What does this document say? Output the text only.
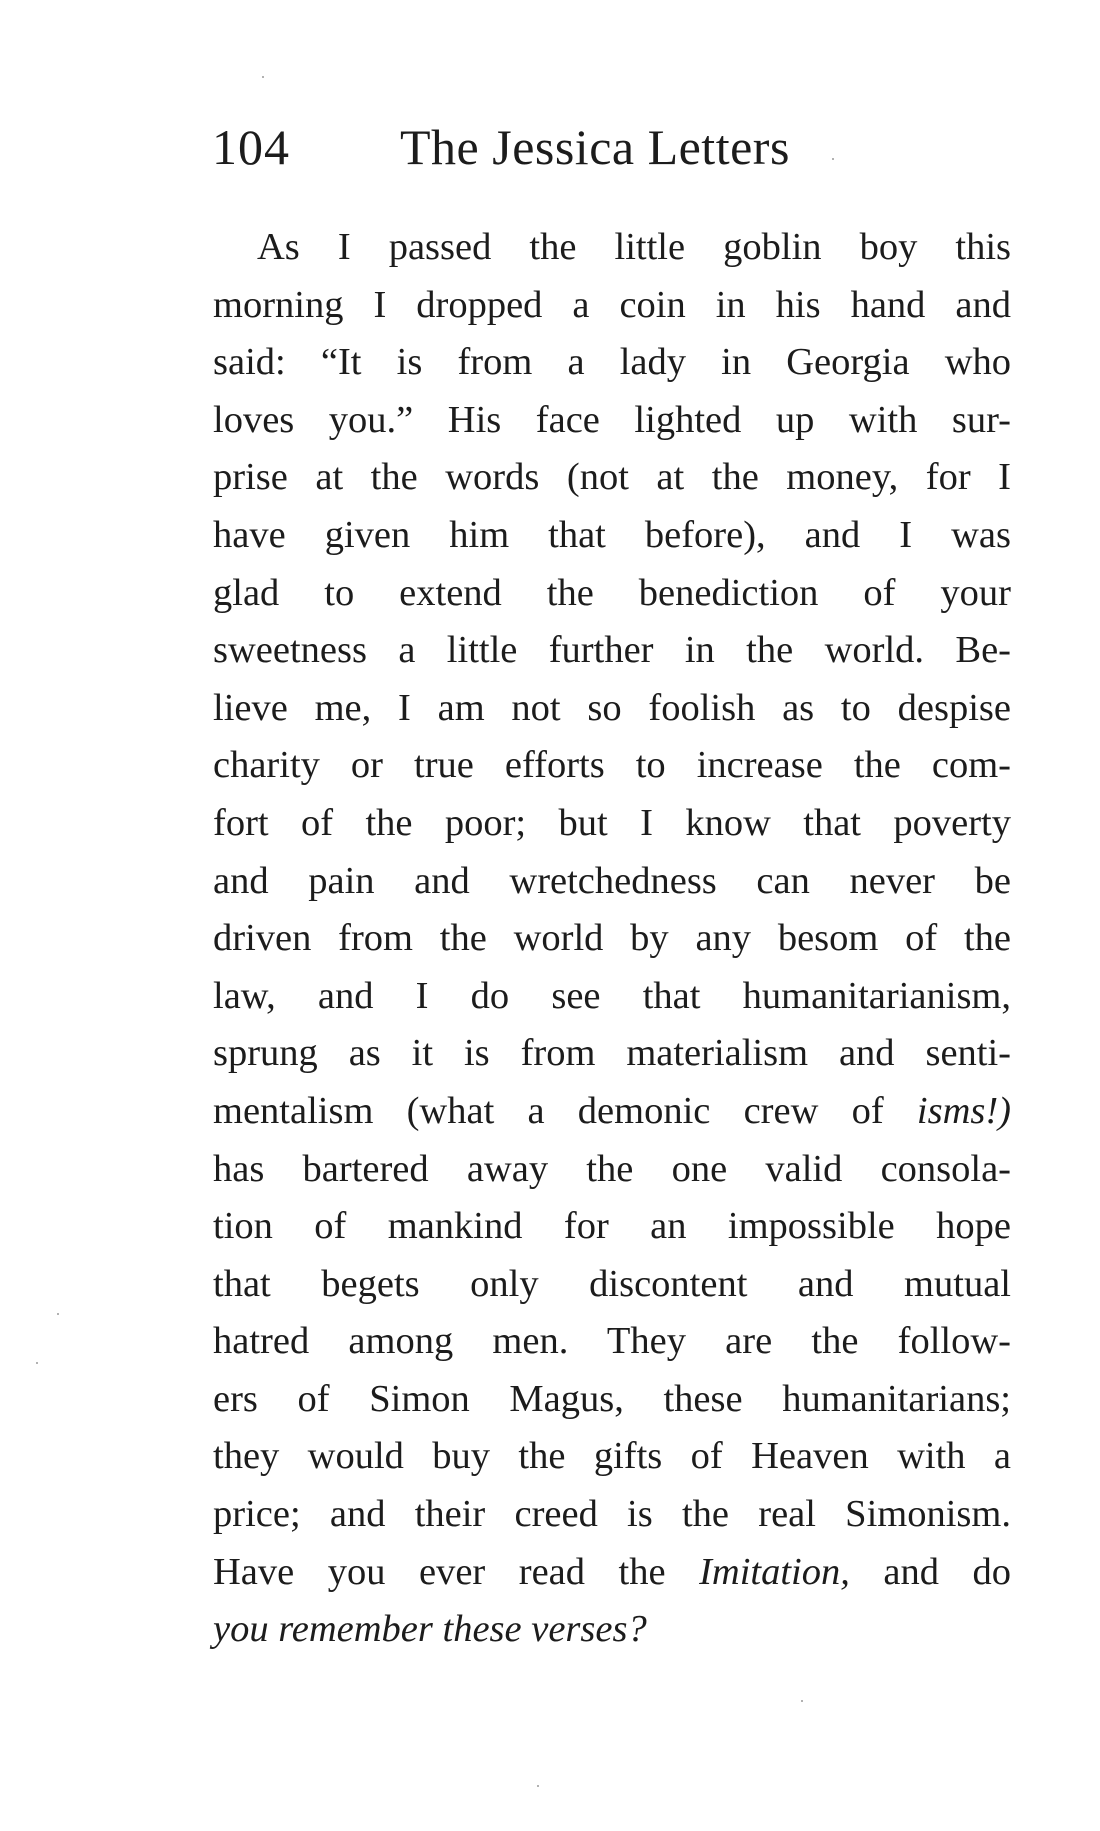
104 The Jessica Letters
As I passed the little goblin boy this
morning I dropped a coin in his hand and
said: “It is from a lady in Georgia who
loves you.” His face lighted up with sur-
prise at the words (not at the money, for I
have given him that before), and I was
glad to extend the benediction of your
sweetness a little further in the world. Be-
lieve me, I am not so foolish as to despise
charity or true efforts to increase the com-
fort of the poor; but I know that poverty
and pain and wretchedness can never be
driven from the world by any besom of the
law, and I do see that humanitarianism,
sprung as it is from materialism and senti-
mentalism (what a demonic crew of isms!)
has bartered away the one valid consola-
tion of mankind for an impossible hope
that begets only discontent and mutual
hatred among men. They are the follow-
ers of Simon Magus, these humanitarians;
they would buy the gifts of Heaven with a
price; and their creed is the real Simonism.
Have you ever read the Imitation, and do
you remember these verses?
